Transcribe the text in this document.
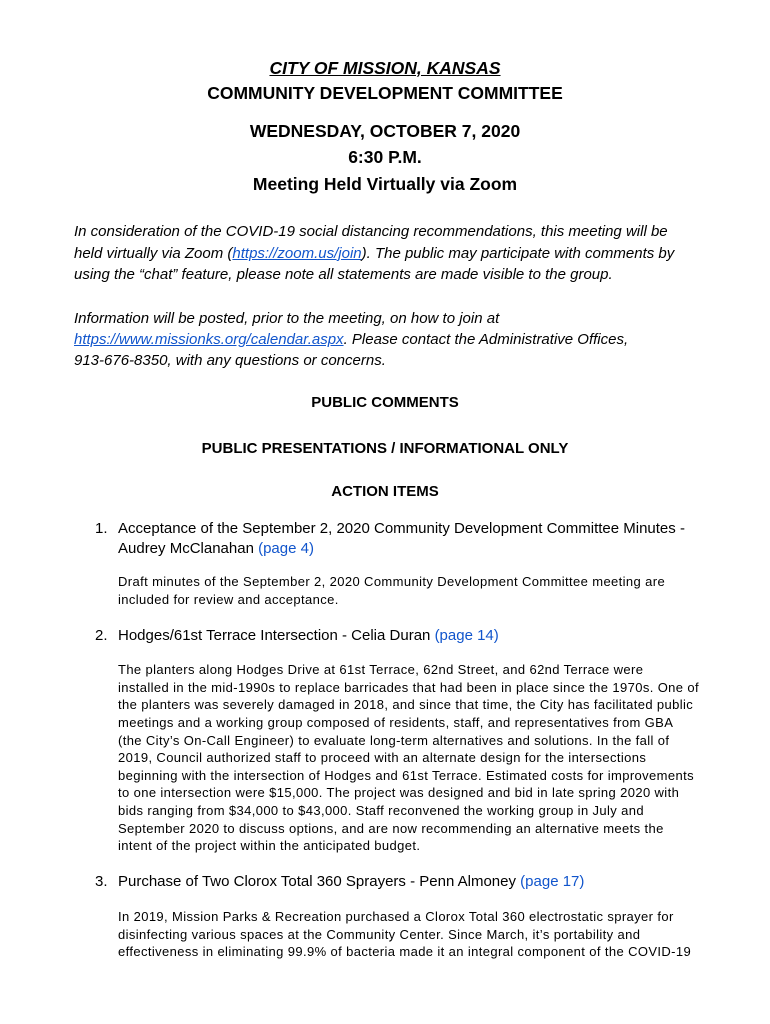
CITY OF MISSION, KANSAS
COMMUNITY DEVELOPMENT COMMITTEE
WEDNESDAY, OCTOBER 7, 2020
6:30 P.M.
Meeting Held Virtually via Zoom
In consideration of the COVID-19 social distancing recommendations, this meeting will be
held virtually via Zoom (https://zoom.us/join). The public may participate with comments by
using the “chat” feature, please note all statements are made visible to the group.
Information will be posted, prior to the meeting, on how to join at
https://www.missionks.org/calendar.aspx. Please contact the Administrative Offices,
913-676-8350, with any questions or concerns.
PUBLIC COMMENTS
PUBLIC PRESENTATIONS / INFORMATIONAL ONLY
ACTION ITEMS
1. Acceptance of the September 2, 2020 Community Development Committee Minutes -
Audrey McClanahan (page 4)
Draft minutes of the September 2, 2020 Community Development Committee meeting are
included for review and acceptance.
2. Hodges/61st Terrace Intersection - Celia Duran (page 14)
The planters along Hodges Drive at 61st Terrace, 62nd Street, and 62nd Terrace were
installed in the mid-1990s to replace barricades that had been in place since the 1970s. One of
the planters was severely damaged in 2018, and since that time, the City has facilitated public
meetings and a working group composed of residents, staff, and representatives from GBA
(the City’s On-Call Engineer) to evaluate long-term alternatives and solutions. In the fall of
2019, Council authorized staff to proceed with an alternate design for the intersections
beginning with the intersection of Hodges and 61st Terrace. Estimated costs for improvements
to one intersection were $15,000. The project was designed and bid in late spring 2020 with
bids ranging from $34,000 to $43,000. Staff reconvened the working group in July and
September 2020 to discuss options, and are now recommending an alternative meets the
intent of the project within the anticipated budget.
3. Purchase of Two Clorox Total 360 Sprayers - Penn Almoney (page 17)
In 2019, Mission Parks & Recreation purchased a Clorox Total 360 electrostatic sprayer for
disinfecting various spaces at the Community Center. Since March, it’s portability and
effectiveness in eliminating 99.9% of bacteria made it an integral component of the COVID-19
